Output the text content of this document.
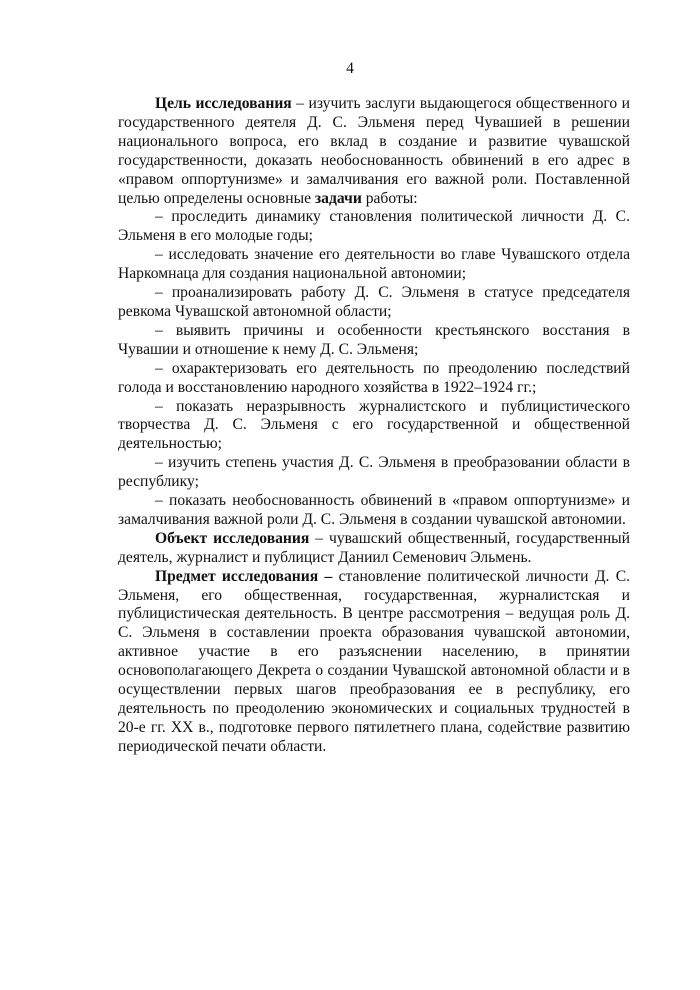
4

Цель исследования – изучить заслуги выдающегося общественного и государственного деятеля Д. С. Эльменя перед Чувашией в решении национального вопроса, его вклад в создание и развитие чувашской государственности, доказать необоснованность обвинений в его адрес в «правом оппортунизме» и замалчивания его важной роли. Поставленной целью определены основные задачи работы:

– проследить динамику становления политической личности Д. С. Эльменя в его молодые годы;

– исследовать значение его деятельности во главе Чувашского отдела Наркомнаца для создания национальной автономии;

– проанализировать работу Д. С. Эльменя в статусе председателя ревкома Чувашской автономной области;

– выявить причины и особенности крестьянского восстания в Чувашии и отношение к нему Д. С. Эльменя;

– охарактеризовать его деятельность по преодолению последствий голода и восстановлению народного хозяйства в 1922–1924 гг.;

– показать неразрывность журналистского и публицистического творчества Д. С. Эльменя с его государственной и общественной деятельностью;

– изучить степень участия Д. С. Эльменя в преобразовании области в республику;

– показать необоснованность обвинений в «правом оппортунизме» и замалчивания важной роли Д. С. Эльменя в создании чувашской автономии.

Объект исследования – чувашский общественный, государственный деятель, журналист и публицист Даниил Семенович Эльмень.

Предмет исследования – становление политической личности Д. С. Эльменя, его общественная, государственная, журналистская и публицистическая деятельность. В центре рассмотрения – ведущая роль Д. С. Эльменя в составлении проекта образования чувашской автономии, активное участие в его разъяснении населению, в принятии основополагающего Декрета о создании Чувашской автономной области и в осуществлении первых шагов преобразования ее в республику, его деятельность по преодолению экономических и социальных трудностей в 20-е гг. XX в., подготовке первого пятилетнего плана, содействие развитию периодической печати области.
